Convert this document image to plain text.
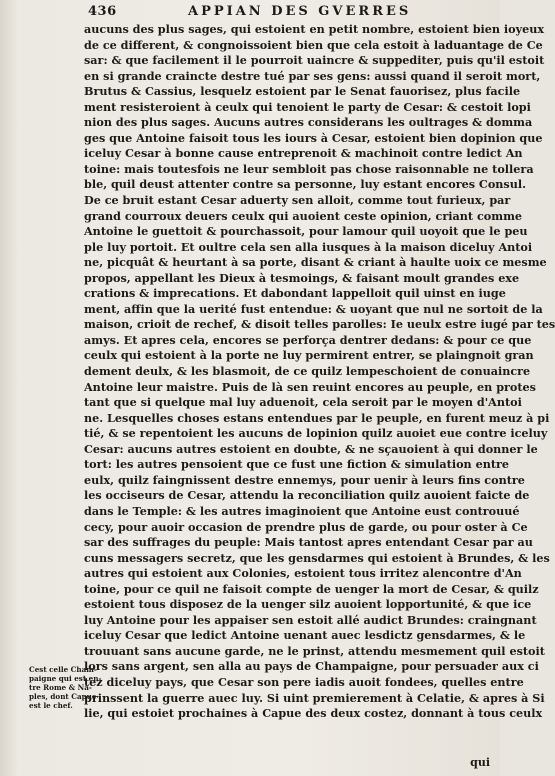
436	APPIAN DES GVERRES
aucuns des plus sages, qui estoient en petit nombre, estoient bien ioyeux
de ce different, & congnoissoient bien que cela estoit à laduantage de Ce
sar: & que facilement il le pourroit uaincre & suppediter, puis qu'il estoit
en si grande craincte destre tué par ses gens: aussi quand il seroit mort,
Brutus & Cassius, lesquelz estoient par le Senat fauorisez, plus facile
ment resisteroient à ceulx qui tenoient le party de Cesar: & cestoit lopi
nion des plus sages. Aucuns autres considerans les oultrages & domma
ges que Antoine faisoit tous les iours à Cesar, estoient bien dopinion que
iceluy Cesar à bonne cause entreprenoit & machinoit contre ledict An
toine: mais toutesfois ne leur sembloit pas chose raisonnable ne tollera
ble, quil deust attenter contre sa personne, luy estant encores Consul.
De ce bruit estant Cesar aduerty sen alloit, comme tout furieux, par
grand courroux deuers ceulx qui auoient ceste opinion, criant comme
Antoine le guettoit & pourchassoit, pour lamour quil uoyoit que le peu
ple luy portoit. Et oultre cela sen alla iusques à la maison diceluy Antoi
ne, picquât & heurtant à sa porte, disant & criant à haulte uoix ce mesme
propos, appellant les Dieux à tesmoings, & faisant moult grandes exe
crations & imprecations. Et dabondant lappelloit quil uinst en iuge
ment, affin que la uerité fust entendue: & uoyant que nul ne sortoit de la
maison, crioit de rechef, & disoit telles parolles: Ie ueulx estre iugé par tes
amys. Et apres cela, encores se perforça dentrer dedans: & pour ce que
ceulx qui estoient à la porte ne luy permirent entrer, se plaingnoit gran
dement deulx, & les blasmoit, de ce quilz lempeschoient de conuaincre
Antoine leur maistre. Puis de là sen reuint encores au peuple, en protes
tant que si quelque mal luy aduenoit, cela seroit par le moyen d'Antoi
ne. Lesquelles choses estans entendues par le peuple, en furent meuz à pi
tié, & se repentoient les aucuns de lopinion quilz auoiet eue contre iceluy
Cesar: aucuns autres estoient en doubte, & ne sçauoient à qui donner le
tort: les autres pensoient que ce fust une fiction & simulation entre
eulx, quilz faingnissent destre ennemys, pour uenir à leurs fins contre
les occiseurs de Cesar, attendu la reconciliation quilz auoient faicte de
dans le Temple: & les autres imaginoient que Antoine eust controuué
cecy, pour auoir occasion de prendre plus de garde, ou pour oster à Ce
sar des suffrages du peuple: Mais tantost apres entendant Cesar par au
cuns messagers secretz, que les gensdarmes qui estoient à Brundes, & les
autres qui estoient aux Colonies, estoient tous irritez alencontre d'An
toine, pour ce quil ne faisoit compte de uenger la mort de Cesar, & quilz
estoient tous disposez de la uenger silz auoient lopportunité, & que ice
luy Antoine pour les appaiser sen estoit allé audict Brundes: craingnant
iceluy Cesar que ledict Antoine uenant auec lesdictz gensdarmes, & le
trouuant sans aucune garde, ne le prinst, attendu mesmement quil estoit
lors sans argent, sen alla au pays de Champaigne, pour persuader aux ci
tez diceluy pays, que Cesar son pere iadis auoit fondees, quelles entre
prinssent la guerre auec luy. Si uint premierement à Celatie, & apres à Si
lie, qui estoiet prochaines à Capue des deux costez, donnant à tous ceulx
Cest celle Cham-
paigne qui est en-
tre Rome & Na-
ples, dont Capue
est le chef.
qui
